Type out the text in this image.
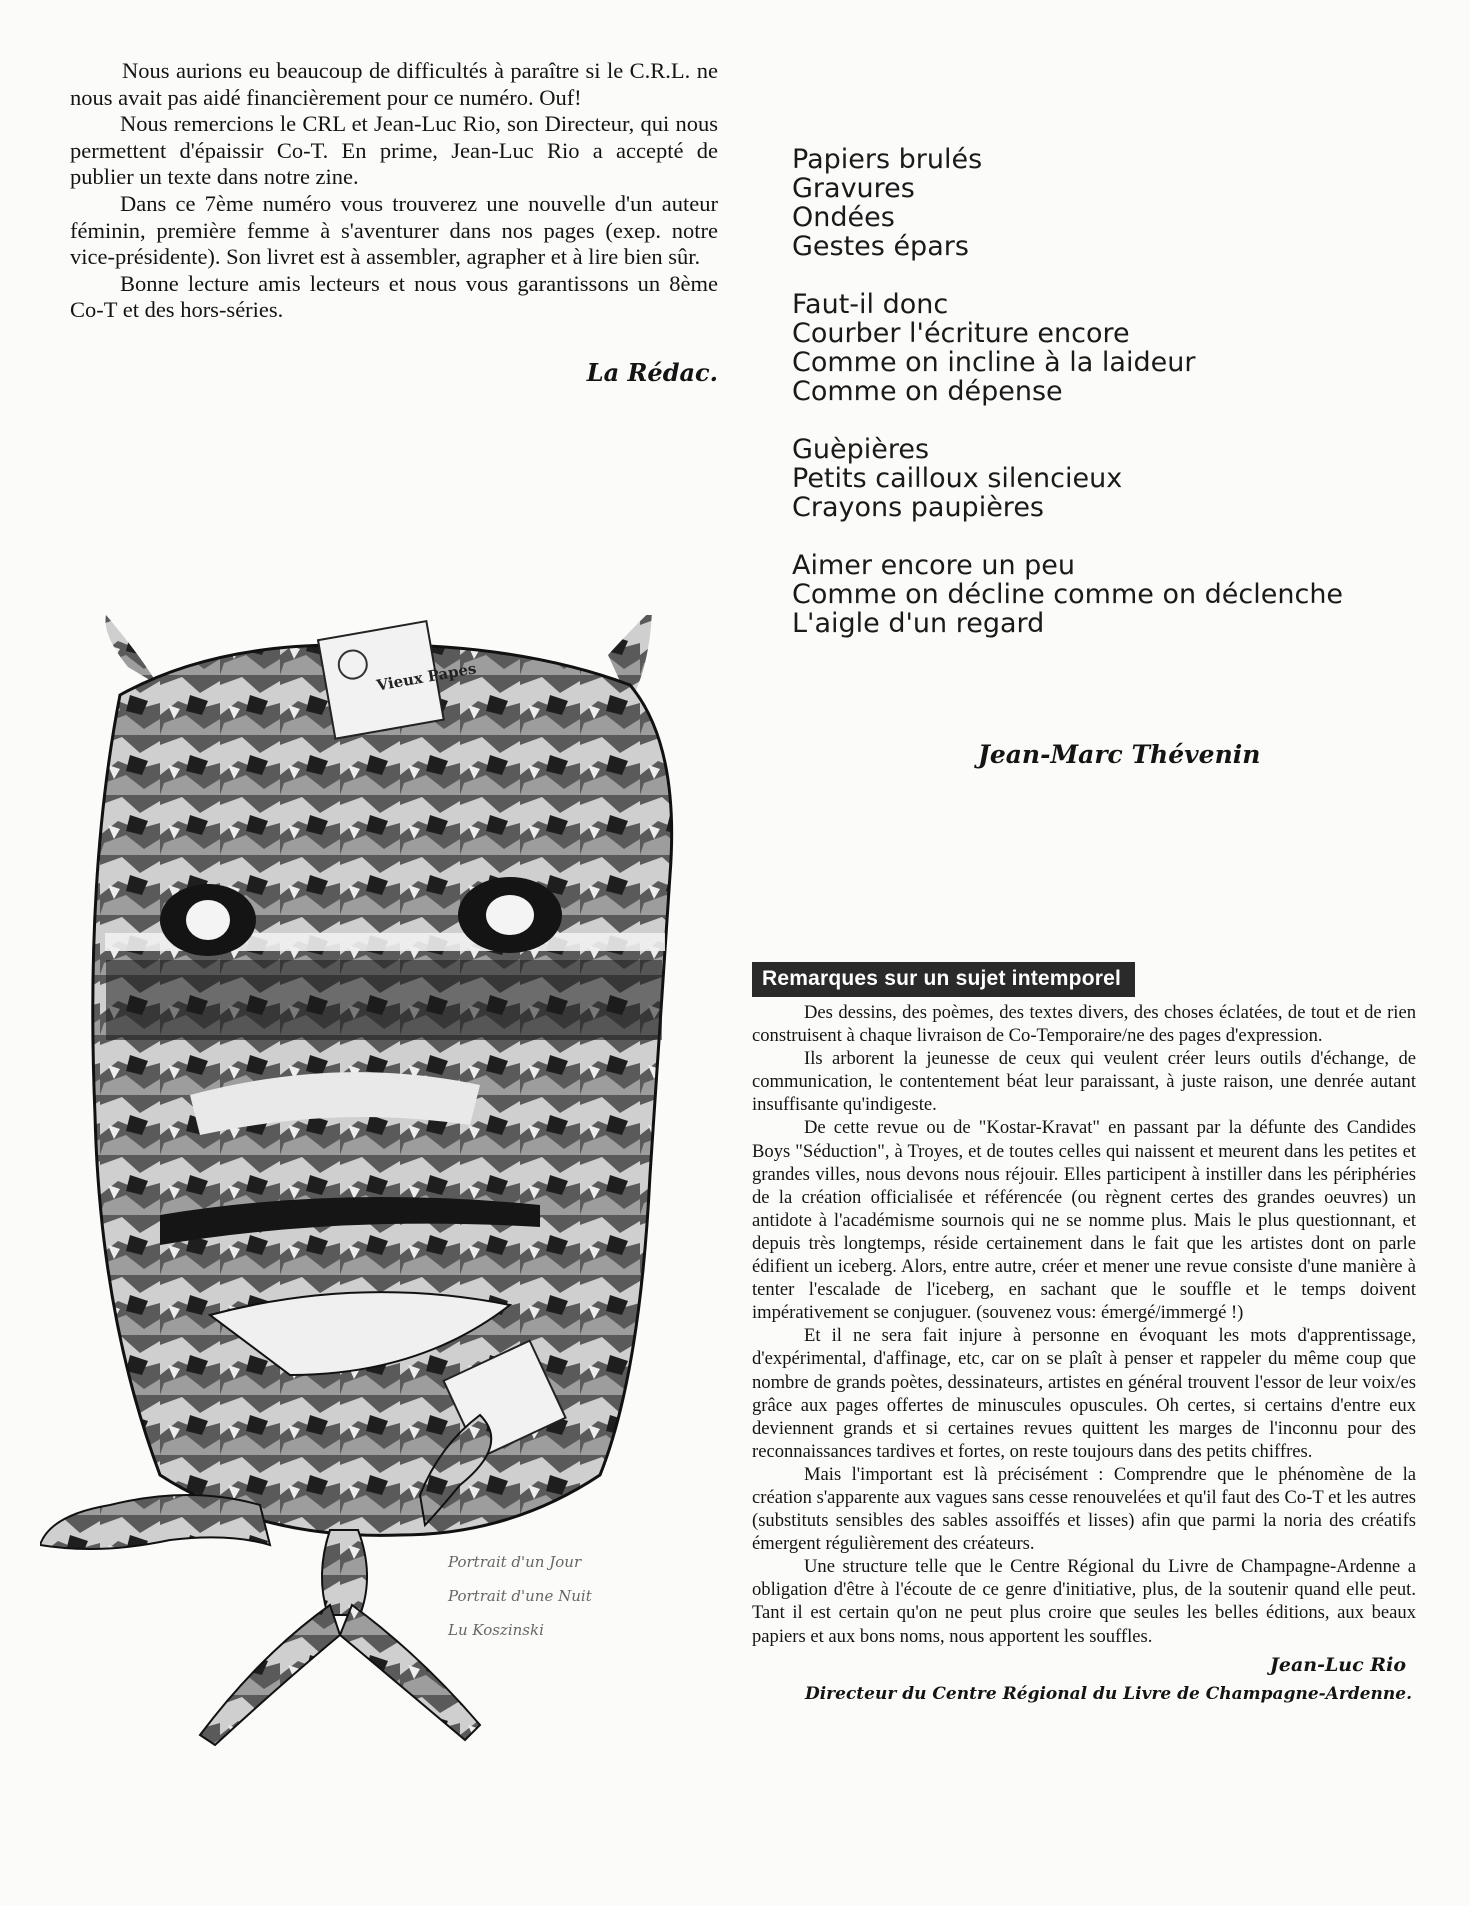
Nous aurions eu beaucoup de difficultés à paraître si le C.R.L. ne nous avait pas aidé financièrement pour ce numéro. Ouf!

Nous remercions le CRL et Jean-Luc Rio, son Directeur, qui nous permettent d'épaissir Co-T. En prime, Jean-Luc Rio a accepté de publier un texte dans notre zine.

Dans ce 7ème numéro vous trouverez une nouvelle d'un auteur féminin, première femme à s'aventurer dans nos pages (exep. notre vice-présidente). Son livret est à assembler, agrapher et à lire bien sûr.

Bonne lecture amis lecteurs et nous vous garantissons un 8ème Co-T et des hors-séries.

La Rédac.

Papiers brulés
Gravures
Ondées
Gestes épars
Faut-il donc
Courber l'écriture encore
Comme on incline à la laideur
Comme on dépense
Guèpières
Petits cailloux silencieux
Crayons paupières
Aimer encore un peu
Comme on décline comme on déclenche
L'aigle d'un regard
Jean-Marc Thévenin
Vieux Papes
Portrait d'un Jour
Portrait d'une Nuit
Lu Koszinski
Remarques sur un sujet intemporel

Des dessins, des poèmes, des textes divers, des choses éclatées, de tout et de rien construisent à chaque livraison de Co-Temporaire/ne des pages d'expression.

Ils arborent la jeunesse de ceux qui veulent créer leurs outils d'échange, de communication, le contentement béat leur paraissant, à juste raison, une denrée autant insuffisante qu'indigeste.

De cette revue ou de "Kostar-Kravat" en passant par la défunte des Candides Boys "Séduction", à Troyes, et de toutes celles qui naissent et meurent dans les petites et grandes villes, nous devons nous réjouir. Elles participent à instiller dans les périphéries de la création officialisée et référencée (ou règnent certes des grandes oeuvres) un antidote à l'académisme sournois qui ne se nomme plus. Mais le plus questionnant, et depuis très longtemps, réside certainement dans le fait que les artistes dont on parle édifient un iceberg. Alors, entre autre, créer et mener une revue consiste d'une manière à tenter l'escalade de l'iceberg, en sachant que le souffle et le temps doivent impérativement se conjuguer. (souvenez vous: émergé/immergé !)

Et il ne sera fait injure à personne en évoquant les mots d'apprentissage, d'expérimental, d'affinage, etc, car on se plaît à penser et rappeler du même coup que nombre de grands poètes, dessinateurs, artistes en général trouvent l'essor de leur voix/es grâce aux pages offertes de minuscules opuscules. Oh certes, si certains d'entre eux deviennent grands et si certaines revues quittent les marges de l'inconnu pour des reconnaissances tardives et fortes, on reste toujours dans des petits chiffres.

Mais l'important est là précisément : Comprendre que le phénomène de la création s'apparente aux vagues sans cesse renouvelées et qu'il faut des Co-T et les autres (substituts sensibles des sables assoiffés et lisses) afin que parmi la noria des créatifs émergent régulièrement des créateurs.

Une structure telle que le Centre Régional du Livre de Champagne-Ardenne a obligation d'être à l'écoute de ce genre d'initiative, plus, de la soutenir quand elle peut. Tant il est certain qu'on ne peut plus croire que seules les belles éditions, aux beaux papiers et aux bons noms, nous apportent les souffles.

Jean-Luc Rio
Directeur du Centre Régional du Livre de Champagne-Ardenne.
